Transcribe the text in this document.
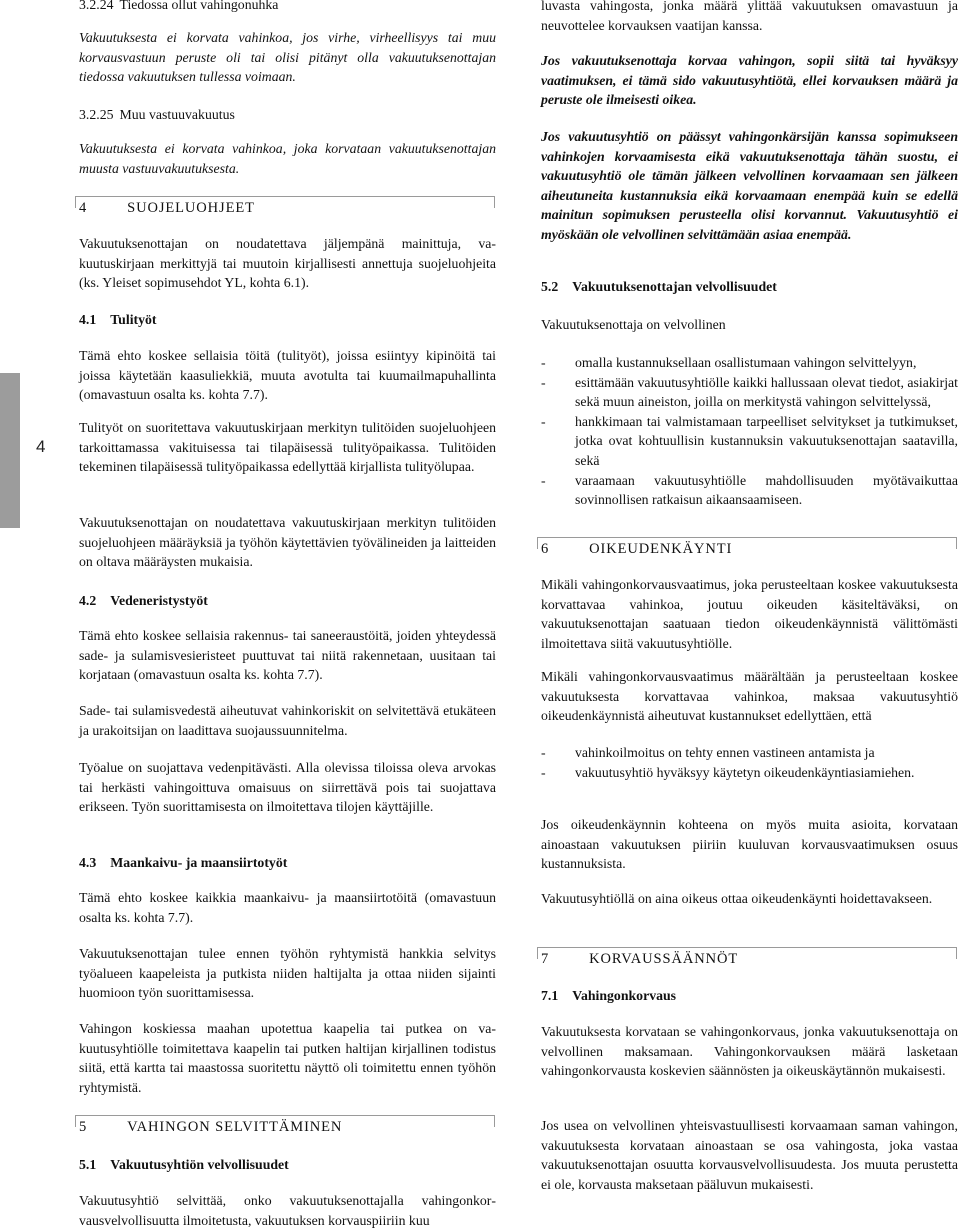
4
3.2.24 Tiedossa ollut vahingonuhka
Vakuutuksesta ei korvata vahinkoa, jos virhe, virheellisyys tai muu korvausvastuun peruste oli tai olisi pitänyt olla vakuutuksenottajan tiedossa vakuutuksen tullessa voimaan.
3.2.25 Muu vastuuvakuutus
Vakuutuksesta ei korvata vahinkoa, joka korvataan vakuutuksenottajan muusta vastuuvakuutuksesta.
4	SUOJELUOHJEET
Vakuutuksenottajan on noudatettava jäljempänä mainittuja, vakuutuskirjaan merkittyjä tai muutoin kirjallisesti annettuja suojeluohjeita (ks. Yleiset sopimusehdot YL, kohta 6.1).
4.1 Tulityöt
Tämä ehto koskee sellaisia töitä (tulityöt), joissa esiintyy kipinöitä tai joissa käytetään kaasuliekkiä, muuta avotulta tai kuumailmapuhallinta (omavastuun osalta ks. kohta 7.7).
Tulityöt on suoritettava vakuutuskirjaan merkityn tulitöiden suojeluohjeen tarkoittamassa vakituisessa tai tilapäisessä tulityöpaikassa. Tulitöiden tekeminen tilapäisessä tulityöpaikassa edellyttää kirjallista tulityölupaa.
Vakuutuksenottajan on noudatettava vakuutuskirjaan merkityn tulitöiden suojeluohjeen määräyksiä ja työhön käytettävien työvälineiden ja laitteiden on oltava määräysten mukaisia.
4.2 Vedeneristystyöt
Tämä ehto koskee sellaisia rakennus- tai saneeraustöitä, joiden yhteydessä sade- ja sulamisvesieristeet puuttuvat tai niitä rakennetaan, uusitaan tai korjataan (omavastuun osalta ks. kohta 7.7).
Sade- tai sulamisvedestä aiheutuvat vahinkoriskit on selvitettävä etukäteen ja urakoitsijan on laadittava suojaussuunnitelma.
Työalue on suojattava vedenpitävästi. Alla olevissa tiloissa oleva arvokas tai herkästi vahingoittuva omaisuus on siirrettävä pois tai suojattava erikseen. Työn suorittamisesta on ilmoitettava tilojen käyttäjille.
4.3 Maankaivu- ja maansiirtotyöt
Tämä ehto koskee kaikkia maankaivu- ja maansiirtotöitä (omavastuun osalta ks. kohta 7.7).
Vakuutuksenottajan tulee ennen työhön ryhtymistä hankkia selvitys työalueen kaapeleista ja putkista niiden haltijalta ja ottaa niiden sijainti huomioon työn suorittamisessa.
Vahingon koskiessa maahan upotettua kaapelia tai putkea on vakuutusyhtiölle toimitettava kaapelin tai putken haltijan kirjallinen todistus siitä, että kartta tai maastossa suoritettu näyttö oli toimitettu ennen työhön ryhtymistä.
5	VAHINGON SELVITTÄMINEN
5.1 Vakuutusyhtiön velvollisuudet
Vakuutusyhtiö selvittää, onko vakuutuksenottajalla vahingonkorvausvelvollisuutta ilmoitetusta, vakuutuksen korvauspiiriin kuu
luvasta vahingosta, jonka määrä ylittää vakuutuksen omavastuun ja neuvottelee korvauksen vaatijan kanssa.
Jos vakuutuksenottaja korvaa vahingon, sopii siitä tai hyväksyy vaatimuksen, ei tämä sido vakuutusyhtiötä, ellei korvauksen määrä ja peruste ole ilmeisesti oikea.
Jos vakuutusyhtiö on päässyt vahingonkärsijän kanssa sopimukseen vahinkojen korvaamisesta eikä vakuutuksenottaja tähän suostu, ei vakuutusyhtiö ole tämän jälkeen velvollinen korvaamaan sen jälkeen aiheutuneita kustannuksia eikä korvaamaan enempää kuin se edellä mainitun sopimuksen perusteella olisi korvannut. Vakuutusyhtiö ei myöskään ole velvollinen selvittämään asiaa enempää.
5.2 Vakuutuksenottajan velvollisuudet
Vakuutuksenottaja on velvollinen
- omalla kustannuksellaan osallistumaan vahingon selvittelyyn,
- esittämään vakuutusyhtiölle kaikki hallussaan olevat tiedot, asiakirjat sekä muun aineiston, joilla on merkitystä vahingon selvittelyssä,
- hankkimaan tai valmistamaan tarpeelliset selvitykset ja tutkimukset, jotka ovat kohtuullisin kustannuksin vakuutuksenottajan saatavilla, sekä
- varaamaan vakuutusyhtiölle mahdollisuuden myötävaikuttaa sovinnollisen ratkaisun aikaansaamiseen.
6	OIKEUDENKÄYNTI
Mikäli vahingonkorvausvaatimus, joka perusteeltaan koskee vakuutuksesta korvattavaa vahinkoa, joutuu oikeuden käsiteltäväksi, on vakuutuksenottajan saatuaan tiedon oikeudenkäynnistä välittömästi ilmoitettava siitä vakuutusyhtiölle.
Mikäli vahingonkorvausvaatimus määrältään ja perusteeltaan koskee vakuutuksesta korvattavaa vahinkoa, maksaa vakuutusyhtiö oikeudenkäynnistä aiheutuvat kustannukset edellyttäen, että
- vahinkoilmoitus on tehty ennen vastineen antamista ja
- vakuutusyhtiö hyväksyy käytetyn oikeudenkäyntiasiamiehen.
Jos oikeudenkäynnin kohteena on myös muita asioita, korvataan ainoastaan vakuutuksen piiriin kuuluvan korvausvaatimuksen osuus kustannuksista.
Vakuutusyhtiöllä on aina oikeus ottaa oikeudenkäynti hoidettavakseen.
7	KORVAUSSÄÄNNÖT
7.1 Vahingonkorvaus
Vakuutuksesta korvataan se vahingonkorvaus, jonka vakuutuksenottaja on velvollinen maksamaan. Vahingonkorvauksen määrä lasketaan vahingonkorvausta koskevien säännösten ja oikeuskäytännön mukaisesti.
Jos usea on velvollinen yhteisvastuullisesti korvaamaan saman vahingon, vakuutuksesta korvataan ainoastaan se osa vahingosta, joka vastaa vakuutuksenottajan osuutta korvausvelvollisuudesta. Jos muuta perustetta ei ole, korvausta maksetaan pääluvun mukaisesti.
